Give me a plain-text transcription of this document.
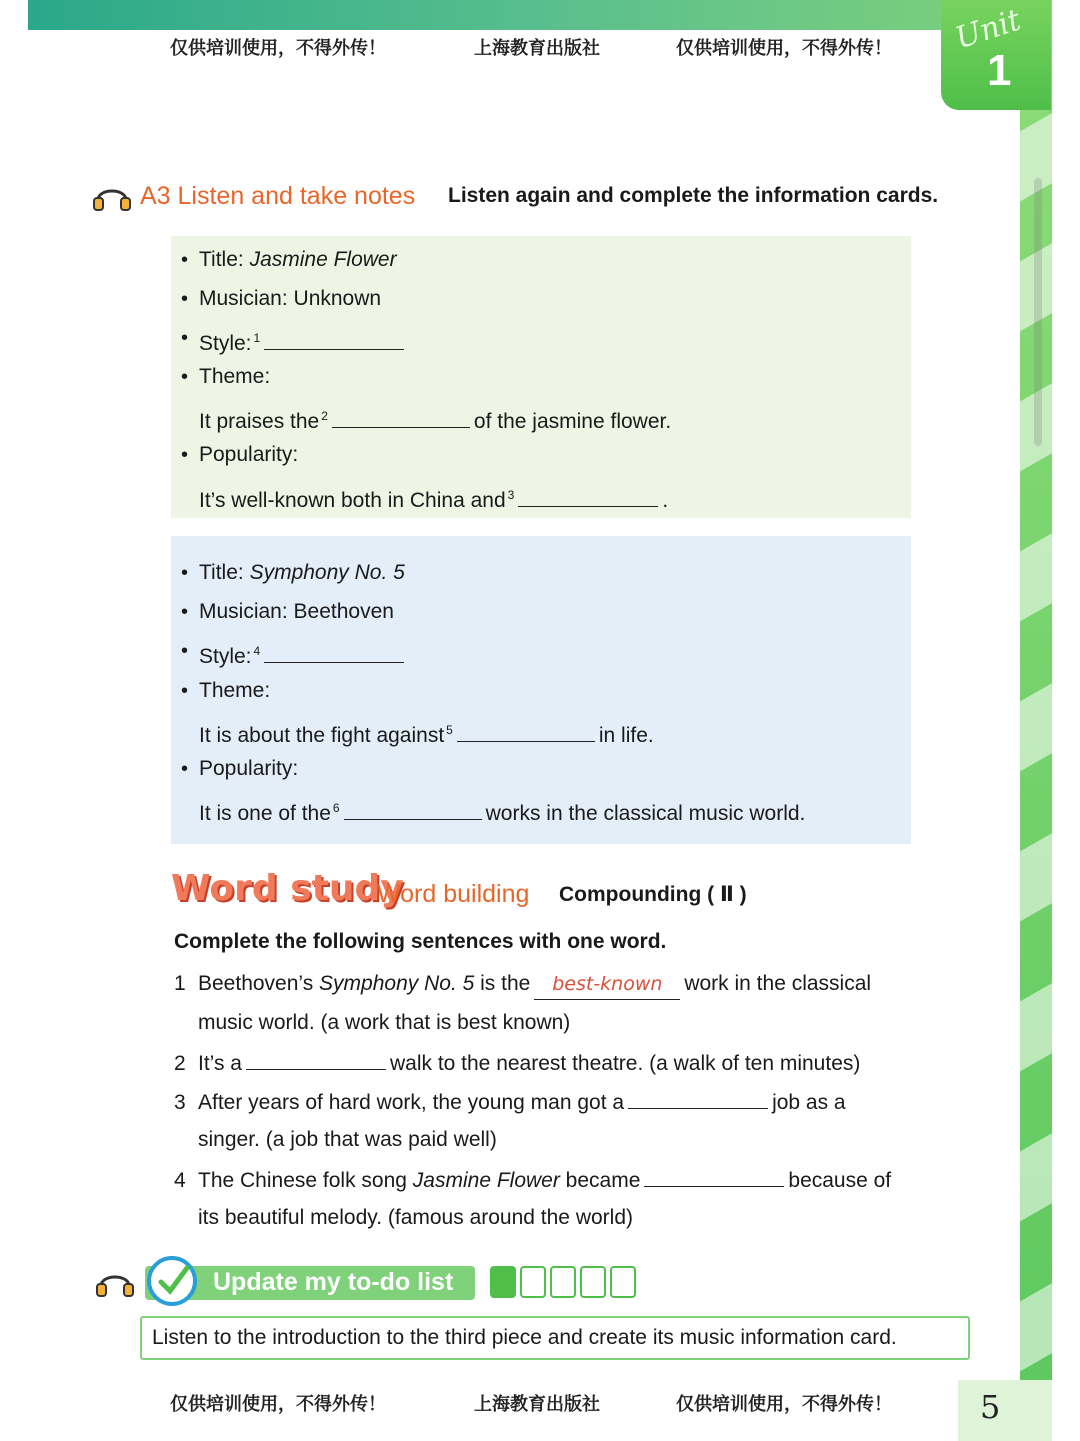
Unit
1
仅供培训使用，不得外传！	上海教育出版社	仅供培训使用，不得外传！
A3 Listen and take notes Listen again and complete the information cards.
• Title: Jasmine Flower
• Musician: Unknown
• Style: $^1$
• Theme:
It praises the $^2$	of the jasmine flower.
• Popularity:
It’s well-known both in China and $^3$	.
• Title: Symphony No. 5
• Musician: Beethoven
• Style: $^4$
• Theme:
It is about the fight against $^5$	in life.
• Popularity:
It is one of the $^6$	works in the classical music world.
Word study
Word building Compounding ( Ⅱ )
Complete the following sentences with one word.
1 Beethoven’s Symphony No. 5 is the best-known work in the classical
music world. (a work that is best known)
2 It’s a	walk to the nearest theatre. (a walk of ten minutes)
3 After years of hard work, the young man got a	job as a
singer. (a job that was paid well)
4 The Chinese folk song Jasmine Flower became	because of
its beautiful melody. (famous around the world)
Update my to-do list
Listen to the introduction to the third piece and create its music information card.
仅供培训使用，不得外传！	上海教育出版社	仅供培训使用，不得外传！	5
